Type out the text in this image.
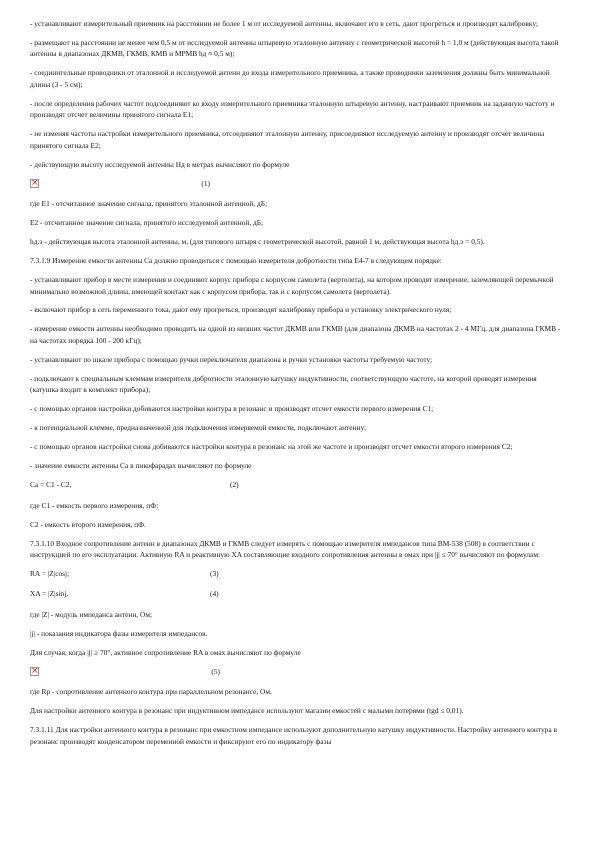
- устанавливают измерительный приемник на расстоянии не более 1 м от исследуемой антенны, включают его в сеть, дают прогреться и производят калибровку;

- размещают на расстоянии не менее чем 0,5 м от исследуемой антенны штыревую эталонную антенну с геометрической высотой h = 1,0 м (действующая высота такой антенны в диапазонах ДКМВ, ГКМВ, КМВ и МРМВ hд ≈ 0,5 м);

- соединительные проводники от эталонной и исследуемой антенн до входа измерительного приемника, а также проводники заземления должны быть минимальной длины (3 - 5 см);

- после определения рабочих частот подсоединяют ко входу измерительного приемника эталонную штыревую антенну, настраивают приемник на заданную частоту и производят отсчет величины принятого сигнала E1;

- не изменяя частоты настройки измерительного приемника, отсоединяют эталонную антенну, присоединяют исследуемую антенну и производят отсчет величины принятого сигнала E2;

- действующую высоту исследуемой антенны Hд в метрах вычисляют по формуле

×
(1)

где E1 - отсчитанное значение сигнала, принятого эталонной антенной, дБ;

E2 - отсчитанное значение сигнала, принятого исследуемой антенной, дБ;

hд.э - действующая высота эталонной антенны, м, (для типового штыря с геометрической высотой, равной 1 м, действующая высота hд.э = 0,5).

7.3.1.9 Измерение емкости антенны Са должно проводиться с помощью измерителя добротности типа Е4-7 в следующем порядке:

- устанавливают прибор в месте измерения и соединяют корпус прибора с корпусом самолета (вертолета), на котором проводят измерение, заземляющей перемычкой минимально возможной длины, имеющей контакт как с корпусом прибора, так и с корпусом самолета (вертолета).

- включают прибор в сеть переменного тока, дают ему прогреться, производят калибровку прибора и установку электрического нуля;

- измерение емкости антенны необходимо проводить на одной из низших частот ДКМВ или ГКМВ (для диапазона ДКМВ на частотах 2 - 4 МГц, для диапазона ГКМВ - на частотах порядка 100 - 200 кГц);

- устанавливают по шкале прибора с помощью ручки переключателя диапазона и ручки установки частоты требуемую частоту;

- подключают к специальным клеммам измерителя добротности эталонную катушку индуктивности, соответствующую частоте, на которой проводят измерения (катушка входит в комплект прибора);

- с помощью органов настройки добиваются настройки контура в резонанс и производят отсчет емкости первого измерения C1;

- к потенциальной клемме, предназначенной для подключения измеряемой емкости, подключают антенну;

- с помощью органов настройки снова добиваются настройки контура в резонанс на этой же частоте и производят отсчет емкости второго измерения C2;

- значение емкости антенны Са в пикофарадах вычисляют по формуле

Са = C1 - C2,	(2)

где C1 - емкость первого измерения, пФ;

C2 - емкость второго измерения, пФ.

7.3.1.10 Входное сопротивление антенн в диапазонах ДКМВ и ГКМВ следует измерять с помощью измерителя импедансов типа ВМ-538 (508) в соответствии с инструкцией по его эксплуатации. Активную RA и реактивную XA составляющие входного сопротивления антенны в омах при |j| ≤ 70° вычисляют по формулам:

RA = |Z|cosj;	(3)
XA = |Z|sinj,	(4)

где |Z| - модуль импеданса антенн, Ом;

|j| - показания индикатора фазы измерителя импедансов.

Для случая, когда |j| ≥ 70°, активное сопротивление RA в омах вычисляют по формуле

×
(5)

где Rp - сопротивление антенного контура при параллельном резонансе, Ом.

Для настройки антенного контура в резонанс при индуктивном импедансе используют магазин емкостей с малыми потерями (tgd ≤ 0,01).

7.3.1.11 Для настройки антенного контура в резонанс при емкостном импедансе используют дополнительную катушку индуктивности. Настройку антенного контура в резонанс производят конденсатором переменной емкости и фиксируют его по индикатору фазы
